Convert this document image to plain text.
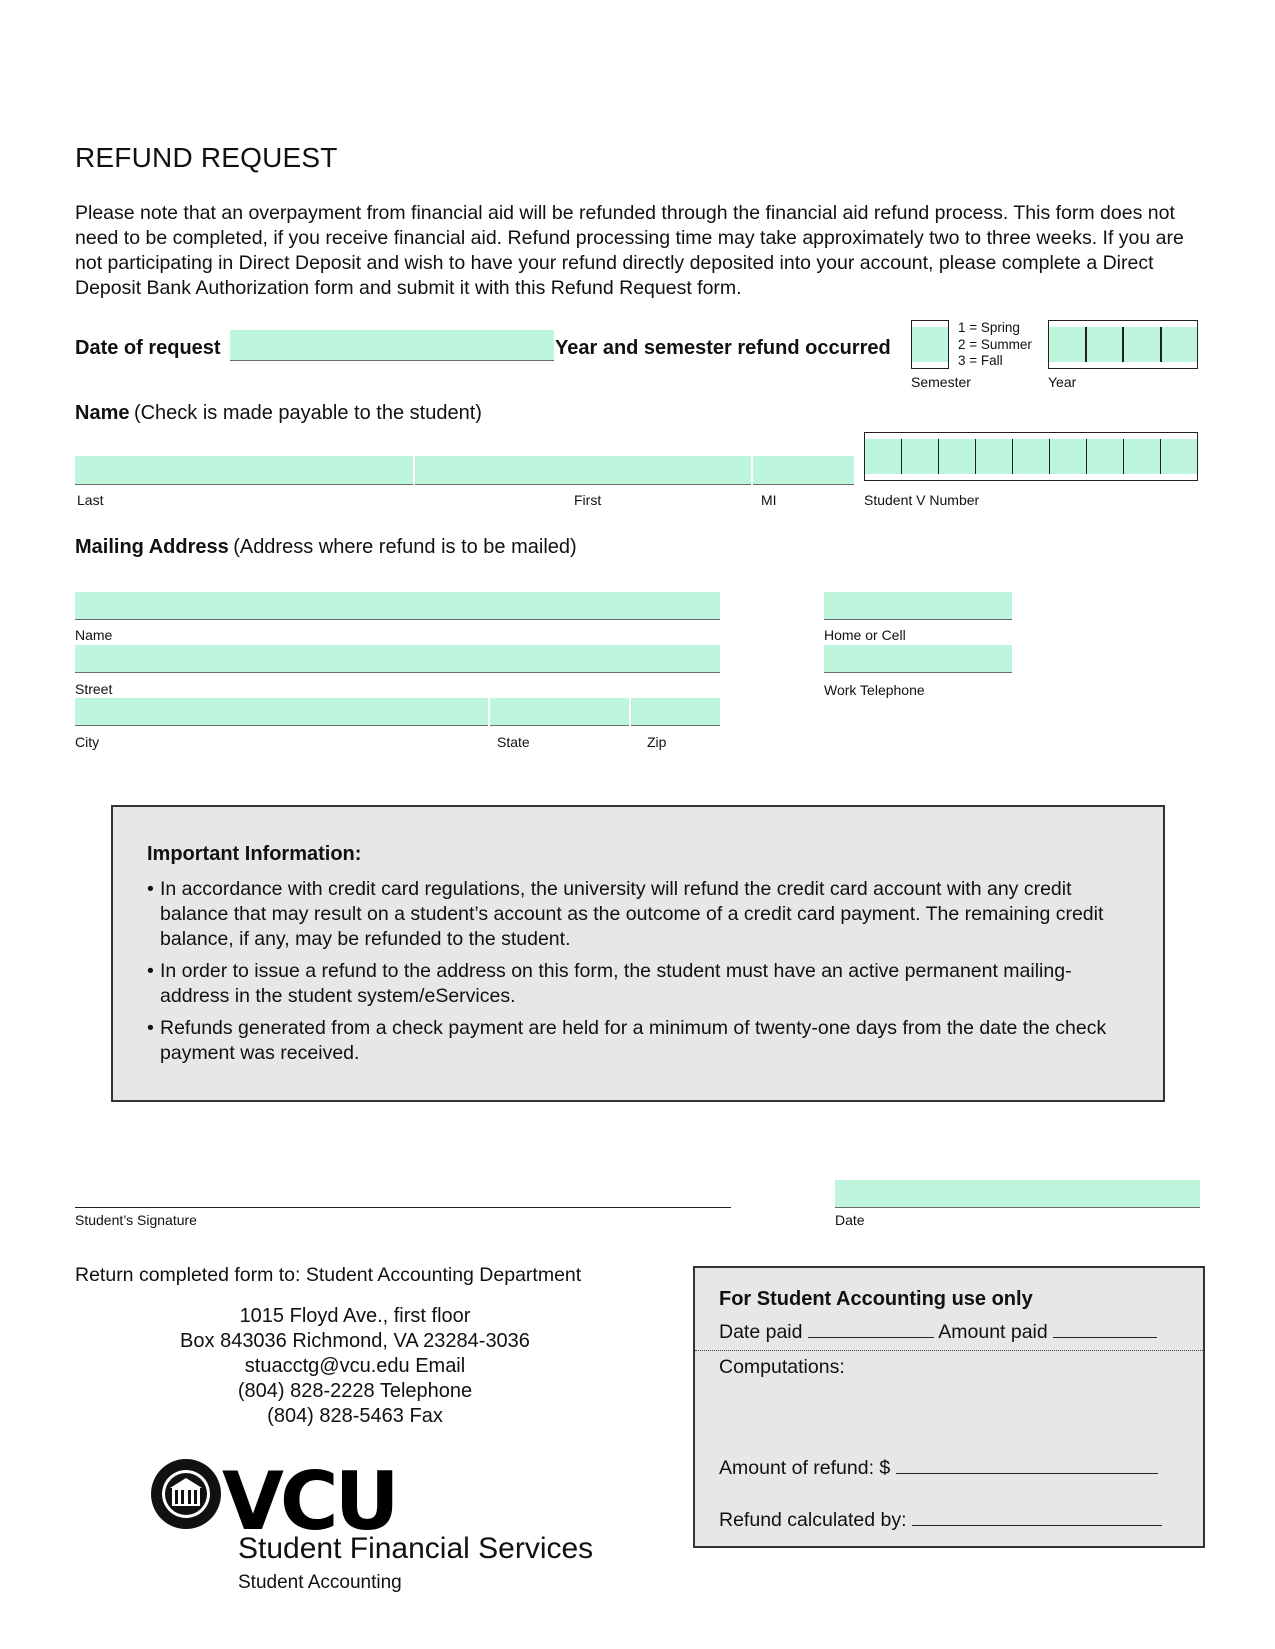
REFUND REQUEST
Please note that an overpayment from financial aid will be refunded through the financial aid refund process. This form does not need to be completed, if you receive financial aid. Refund processing time may take approximately two to three weeks. If you are not participating in Direct Deposit and wish to have your refund directly deposited into your account, please complete a Direct Deposit Bank Authorization form and submit it with this Refund Request form.
Date of request	Year and semester refund occurred
1 = Spring
2 = Summer
3 = Fall
Semester	Year
Name (Check is made payable to the student)
Last	First	MI	Student V Number
Mailing Address (Address where refund is to be mailed)
Name
Street
City	State	Zip
Home or Cell
Work Telephone
Important Information:
• In accordance with credit card regulations, the university will refund the credit card account with any credit balance that may result on a student’s account as the outcome of a credit card payment. The remaining credit balance, if any, may be refunded to the student.
• In order to issue a refund to the address on this form, the student must have an active permanent mailing-address in the student system/eServices.
• Refunds generated from a check payment are held for a minimum of twenty-one days from the date the check payment was received.
Student’s Signature	Date
Return completed form to: Student Accounting Department
1015 Floyd Ave., first floor
Box 843036 Richmond, VA 23284-3036
stuacctg@vcu.edu Email
(804) 828-2228 Telephone
(804) 828-5463 Fax
VCU
Student Financial Services
Student Accounting
For Student Accounting use only
Date paid	Amount paid
Computations:
Amount of refund: $
Refund calculated by:
